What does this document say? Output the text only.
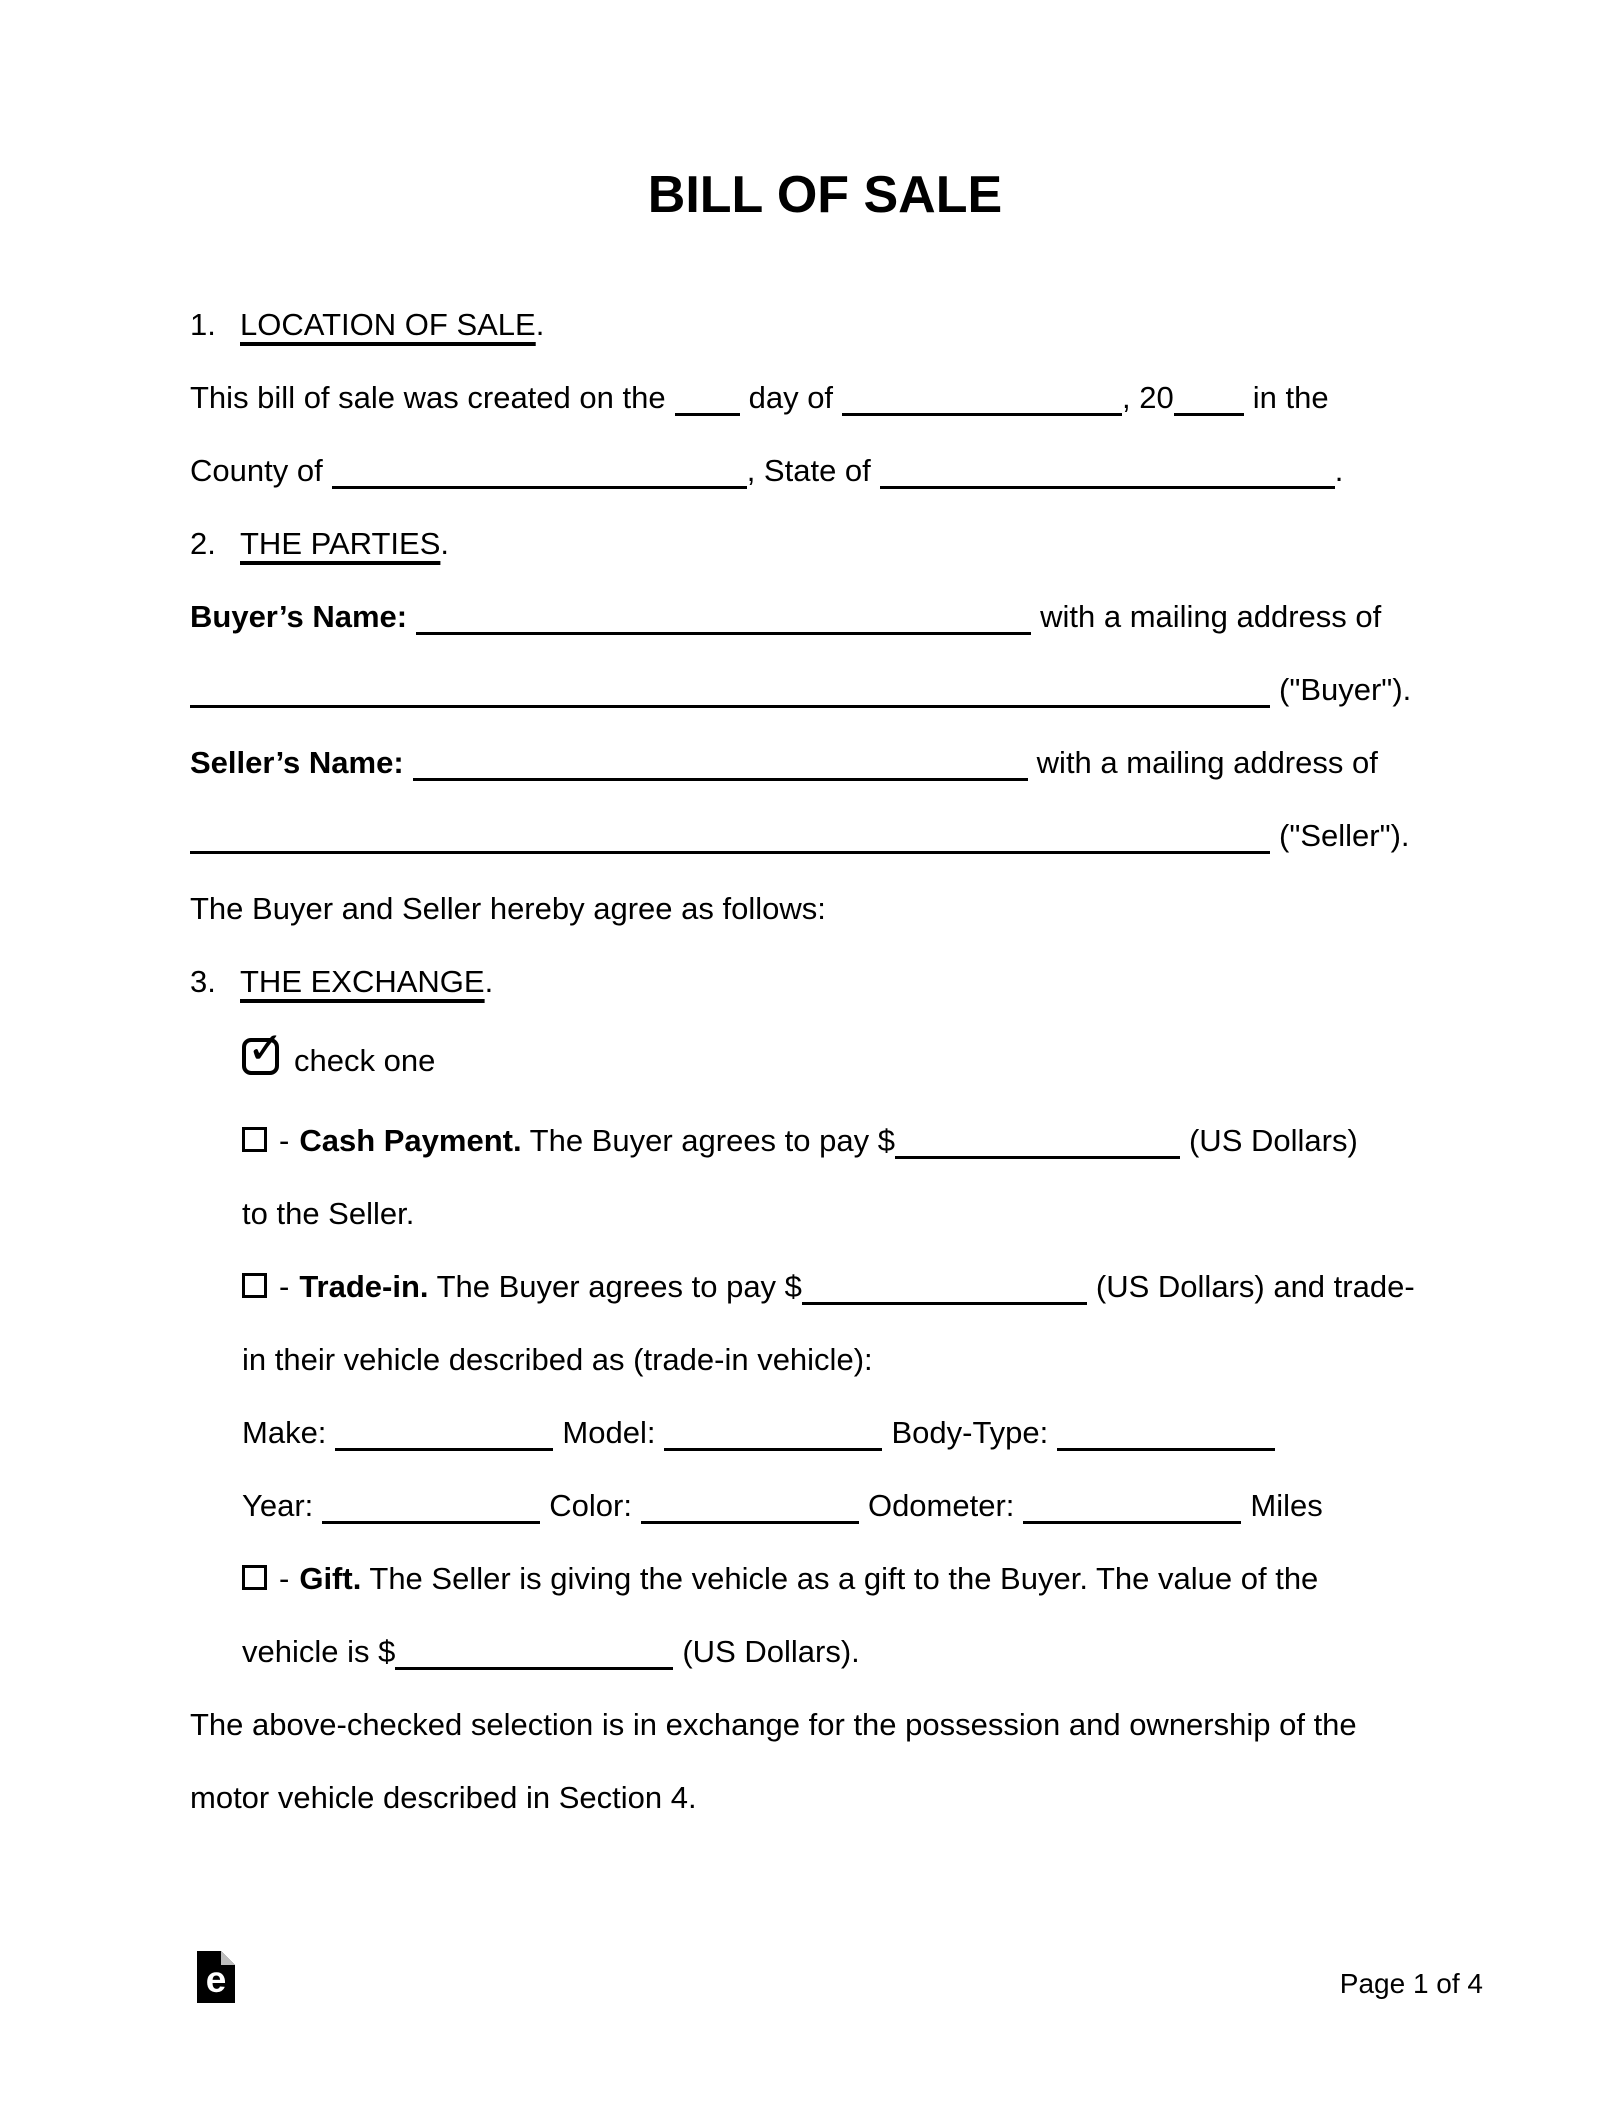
BILL OF SALE

1. LOCATION OF SALE.

This bill of sale was created on the	day of	, 20	in the

County of	, State of	.

2. THE PARTIES.

Buyer’s Name:	with a mailing address of

("Buyer").

Seller’s Name:	with a mailing address of

("Seller").

The Buyer and Seller hereby agree as follows:

3. THE EXCHANGE.

✓ check one

- Cash Payment. The Buyer agrees to pay $	(US Dollars)

to the Seller.

- Trade-in. The Buyer agrees to pay $	(US Dollars) and trade-

in their vehicle described as (trade-in vehicle):

Make:	Model:	Body-Type:

Year:	Color:	Odometer:	Miles

- Gift. The Seller is giving the vehicle as a gift to the Buyer. The value of the

vehicle is $	(US Dollars).

The above-checked selection is in exchange for the possession and ownership of the

motor vehicle described in Section 4.

e	Page 1 of 4
